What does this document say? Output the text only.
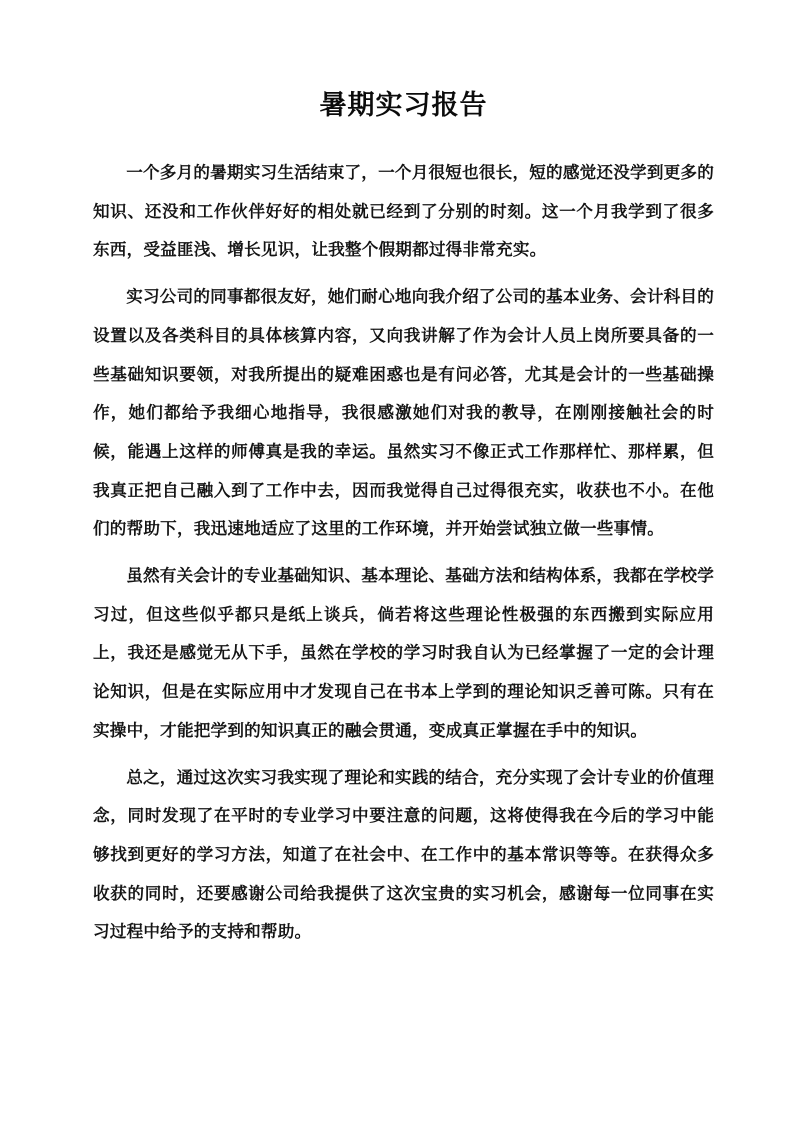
暑期实习报告

一个多月的暑期实习生活结束了，一个月很短也很长，短的感觉还没学到更多的知识、还没和工作伙伴好好的相处就已经到了分别的时刻。这一个月我学到了很多东西，受益匪浅、增长见识，让我整个假期都过得非常充实。

实习公司的同事都很友好，她们耐心地向我介绍了公司的基本业务、会计科目的设置以及各类科目的具体核算内容，又向我讲解了作为会计人员上岗所要具备的一些基础知识要领，对我所提出的疑难困惑也是有问必答，尤其是会计的一些基础操作，她们都给予我细心地指导，我很感激她们对我的教导，在刚刚接触社会的时候，能遇上这样的师傅真是我的幸运。虽然实习不像正式工作那样忙、那样累，但我真正把自己融入到了工作中去，因而我觉得自己过得很充实，收获也不小。在他们的帮助下，我迅速地适应了这里的工作环境，并开始尝试独立做一些事情。

虽然有关会计的专业基础知识、基本理论、基础方法和结构体系，我都在学校学习过，但这些似乎都只是纸上谈兵，倘若将这些理论性极强的东西搬到实际应用上，我还是感觉无从下手，虽然在学校的学习时我自认为已经掌握了一定的会计理论知识，但是在实际应用中才发现自己在书本上学到的理论知识乏善可陈。只有在实操中，才能把学到的知识真正的融会贯通，变成真正掌握在手中的知识。

总之，通过这次实习我实现了理论和实践的结合，充分实现了会计专业的价值理念，同时发现了在平时的专业学习中要注意的问题，这将使得我在今后的学习中能够找到更好的学习方法，知道了在社会中、在工作中的基本常识等等。在获得众多收获的同时，还要感谢公司给我提供了这次宝贵的实习机会，感谢每一位同事在实习过程中给予的支持和帮助。
